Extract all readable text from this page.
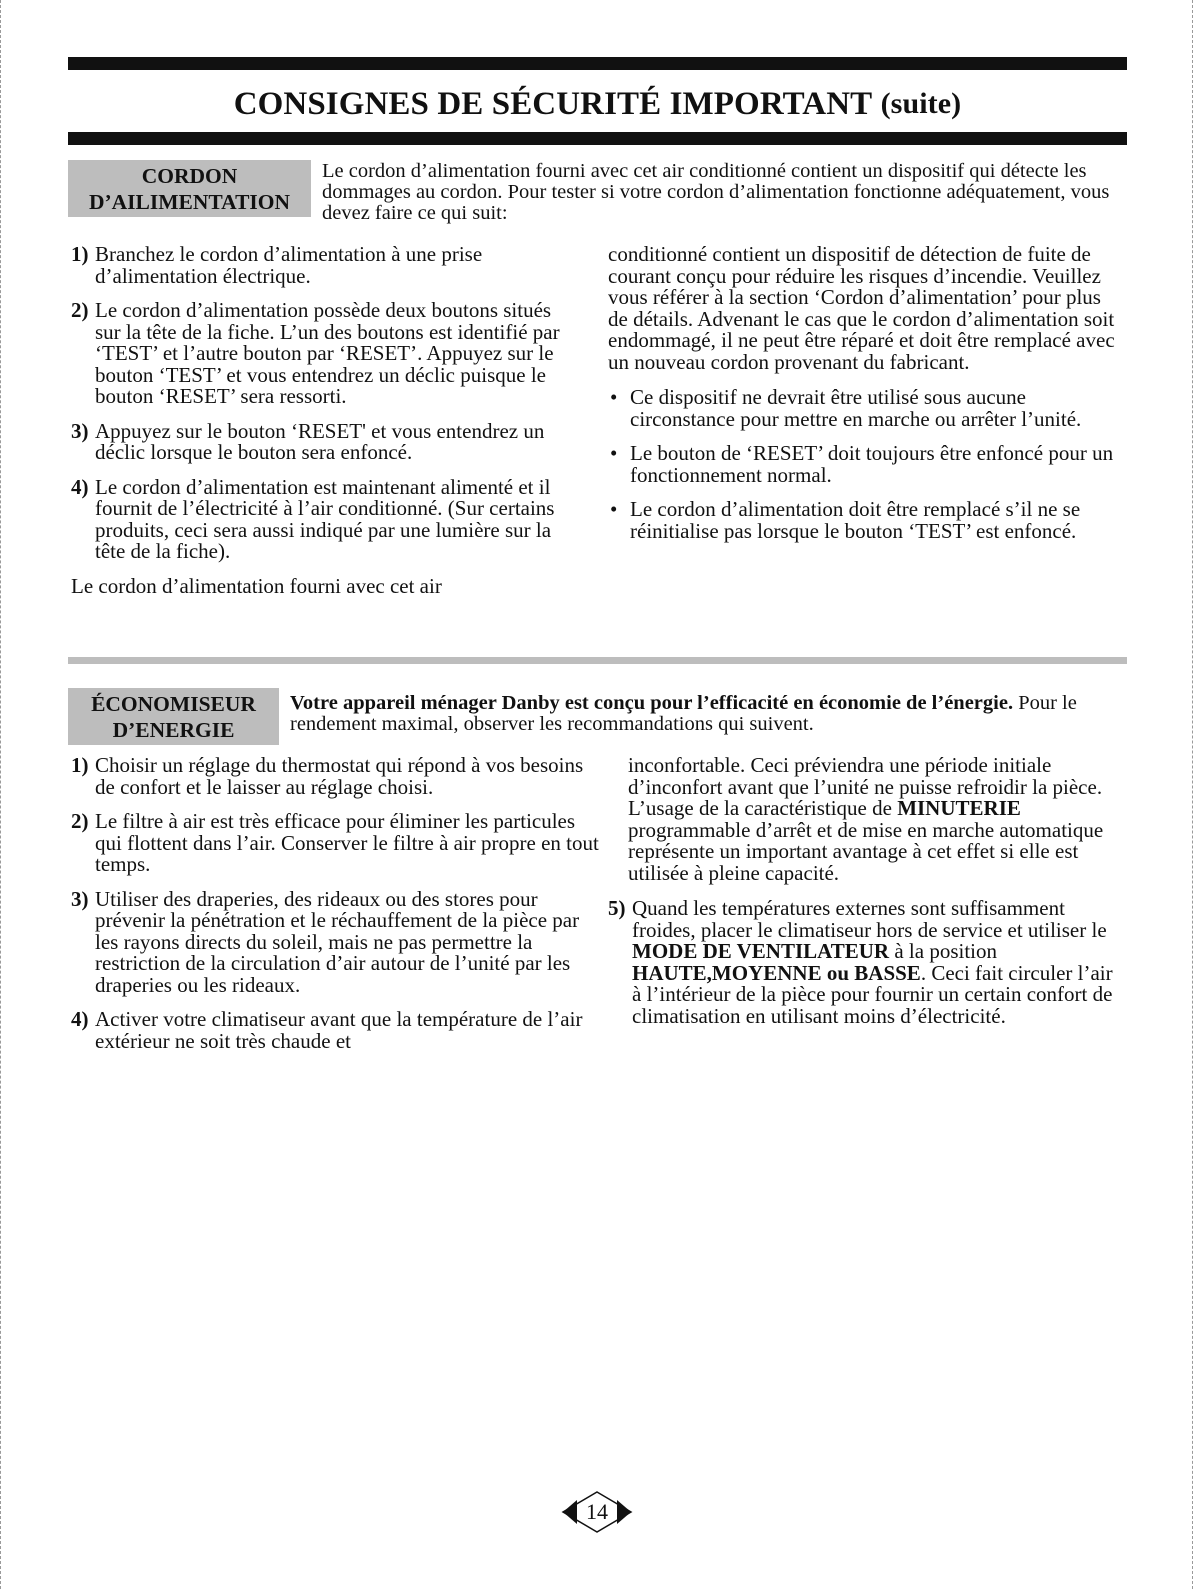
CONSIGNES DE SÉCURITÉ IMPORTANT
(suite)
CORDON
D’AILIMENTATION
Le cordon d’alimentation fourni avec cet air conditionné contient un dispositif qui détecte les dommages au cordon. Pour tester si votre cordon d’alimentation fonctionne adéquatement, vous devez faire ce qui suit:
1) Branchez le cordon d’alimentation à une prise d’alimentation électrique.
2) Le cordon d’alimentation possède deux boutons situés sur la tête de la fiche. L’un des boutons est identifié par ‘TEST’ et l’autre bouton par ‘RESET’. Appuyez sur le bouton ‘TEST’ et vous entendrez un déclic puisque le bouton ‘RESET’ sera ressorti.
3) Appuyez sur le bouton ‘RESET' et vous entendrez un déclic lorsque le bouton sera enfoncé.
4) Le cordon d’alimentation est maintenant alimenté et il fournit de l’électricité à l’air conditionné. (Sur certains produits, ceci sera aussi indiqué par une lumière sur la tête de la fiche).
Le cordon d’alimentation fourni avec cet air
conditionné contient un dispositif de détection de fuite de courant conçu pour réduire les risques d’incendie. Veuillez vous référer à la section ‘Cordon d’alimentation’ pour plus de détails. Advenant le cas que le cordon d’alimentation soit endommagé, il ne peut être réparé et doit être remplacé avec un nouveau cordon provenant du fabricant.
• Ce dispositif ne devrait être utilisé sous aucune circonstance pour mettre en marche ou arrêter l’unité.
• Le bouton de ‘RESET’ doit toujours être enfoncé pour un fonctionnement normal.
• Le cordon d’alimentation doit être remplacé s’il ne se réinitialise pas lorsque le bouton ‘TEST’ est enfoncé.
ÉCONOMISEUR
D’ENERGIE
Votre appareil ménager Danby est conçu pour l’efficacité en économie de l’énergie. Pour le rendement maximal, observer les recommandations qui suivent.
1) Choisir un réglage du thermostat qui répond à vos besoins de confort et le laisser au réglage choisi.
2) Le filtre à air est très efficace pour éliminer les particules qui flottent dans l’air. Conserver le filtre à air propre en tout temps.
3) Utiliser des draperies, des rideaux ou des stores pour prévenir la pénétration et le réchauffement de la pièce par les rayons directs du soleil, mais ne pas permettre la restriction de la circulation d’air autour de l’unité par les draperies ou les rideaux.
4) Activer votre climatiseur avant que la température de l’air extérieur ne soit très chaude et
inconfortable. Ceci préviendra une période initiale d’inconfort avant que l’unité ne puisse refroidir la pièce. L’usage de la caractéristique de MINUTERIE programmable d’arrêt et de mise en marche automatique représente un important avantage à cet effet si elle est utilisée à pleine capacité.
5) Quand les températures externes sont suffisamment froides, placer le climatiseur hors de service et utiliser le MODE DE VENTILATEUR à la position HAUTE,MOYENNE ou BASSE. Ceci fait circuler l’air à l’intérieur de la pièce pour fournir un certain confort de climatisation en utilisant moins d’électricité.
14
